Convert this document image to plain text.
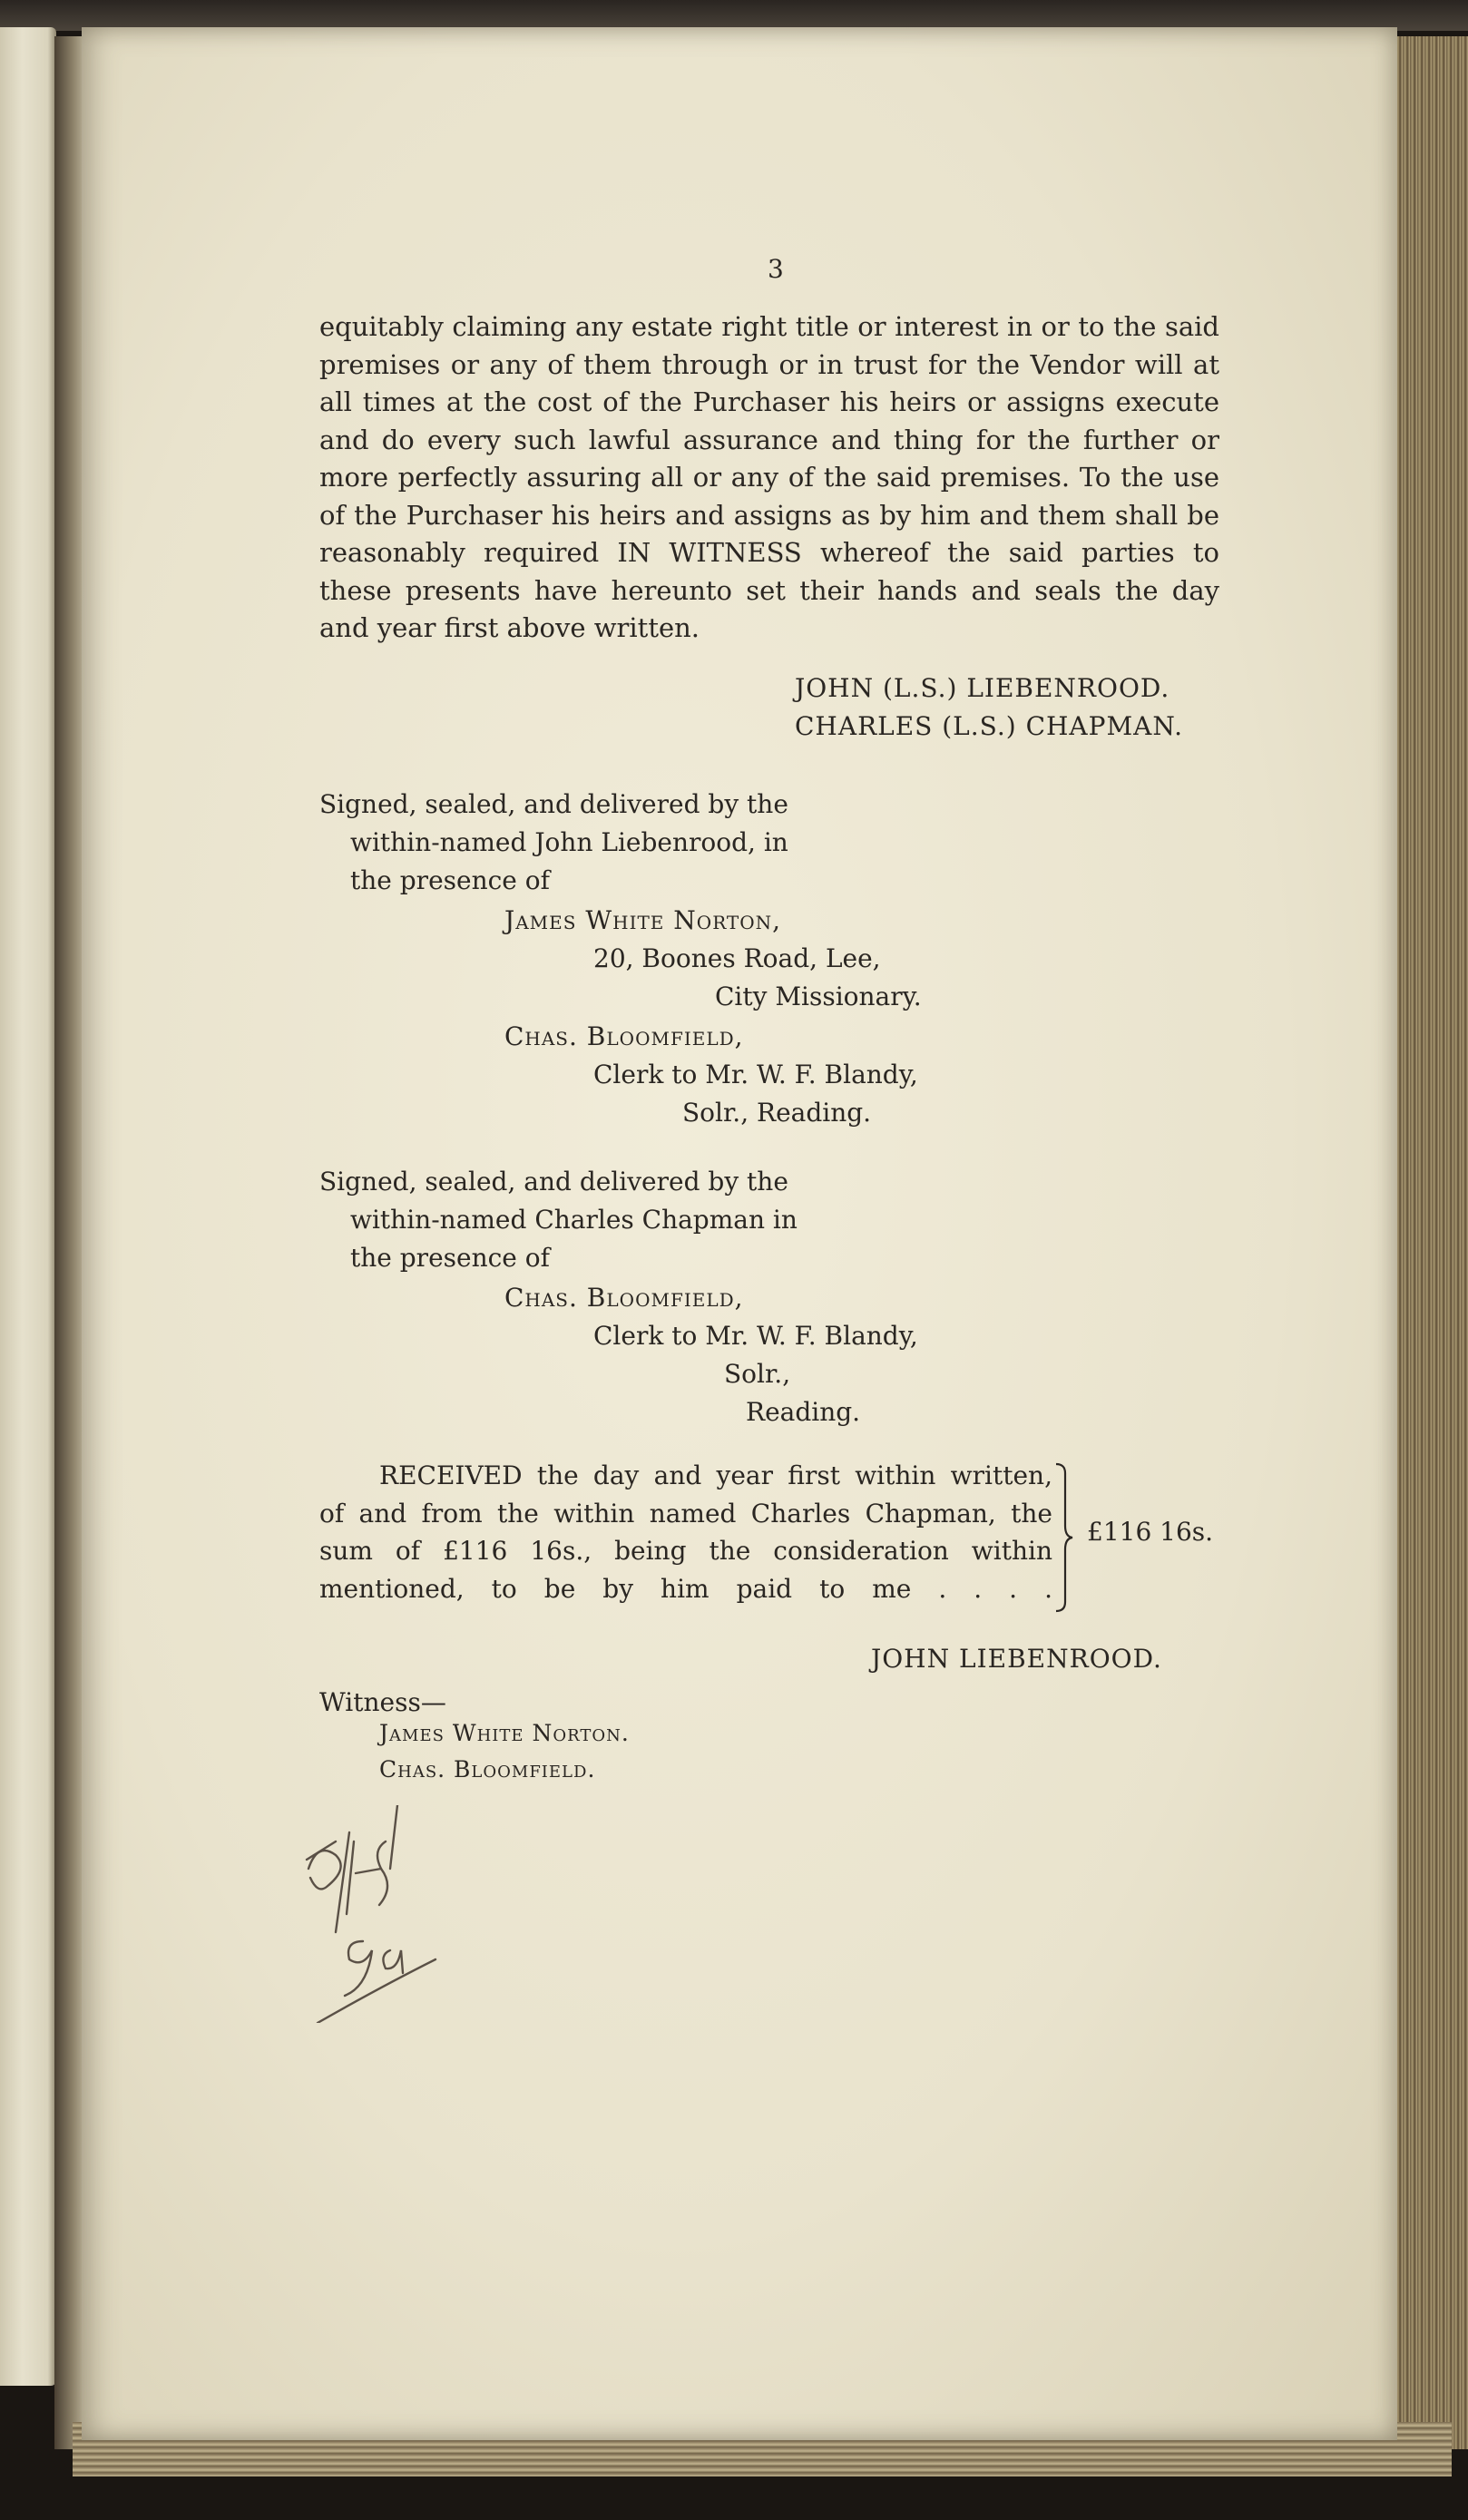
3
equitably claiming any estate right title or interest in or to the said premises or any of them through or in trust for the Vendor will at all times at the cost of the Purchaser his heirs or assigns execute and do every such lawful assurance and thing for the further or more perfectly assuring all or any of the said premises. To the use of the Purchaser his heirs and assigns as by him and them shall be reasonably required IN WITNESS whereof the said parties to these presents have hereunto set their hands and seals the day and year first above written.
JOHN (L.S.) LIEBENROOD.
CHARLES (L.S.) CHAPMAN.
Signed, sealed, and delivered by the
within-named John Liebenrood, in
the presence of
James White Norton,
20, Boones Road, Lee,
City Missionary.
Chas. Bloomfield,
Clerk to Mr. W. F. Blandy,
Solr., Reading.
Signed, sealed, and delivered by the
within-named Charles Chapman in
the presence of
Chas. Bloomfield,
Clerk to Mr. W. F. Blandy,
Solr.,
Reading.

RECEIVED the day and year first within written,

of and from the within named Charles Chapman, the

sum of £116 16s., being the consideration within

mentioned, to be by him paid to me . . . .

£116 16s.
JOHN LIEBENROOD.
Witness—
James White Norton.
Chas. Bloomfield.
